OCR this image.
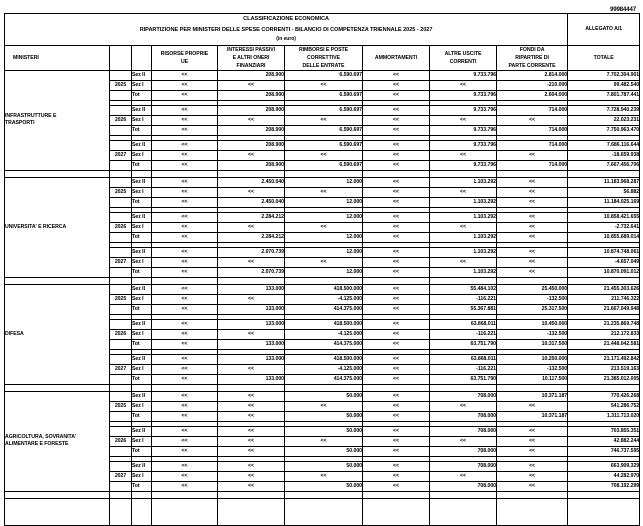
99984447
CLASSIFICAZIONE ECONOMICA
RIPARTIZIONE PER MINISTERI DELLE SPESE CORRENTI - BILANCIO DI COMPETENZA TRIENNALE 2025 - 2027
(in euro)									ALLEGATO A/1
MINISTERI			
RISORSE PROPRIE
UE

INTERESSI PASSIVI
E ALTRI ONERI
FINANZIARI

RIMBORSI E POSTE
CORRETTIVE
DELLE ENTRATE
	AMMORTAMENTI	
ALTRE USCITE
CORRENTI

FONDI DA
RIPARTIRE DI
PARTE CORRENTE
	TOTALE

INFRASTRUTTURE E
TRASPORTI		Sez II	<<	208.900	6.590.697	<<	9.733.796	2.814.000	7.702.304.901
	2025	Sez I	<<	<<	<<	<<	<<	-210.000	99.482.540
		Tot	<<	208.900	6.590.697	<<	9.733.796	2.604.000	7.801.787.441

		Sez II	<<	208.900	6.590.697	<<	9.733.796	714.000	7.728.940.239
	2026	Sez I	<<	<<	<<	<<	<<	<<	22.023.231
		Tot	<<	208.900	6.590.697	<<	9.733.796	714.000	7.750.963.470

		Sez II	<<	208.900	6.590.697	<<	9.733.796	714.000	7.686.116.644
	2027	Sez I	<<	<<	<<	<<	<<	<<	-18.659.938
		Tot	<<	208.900	6.590.697	<<	9.733.796	714.000	7.667.456.706

UNIVERSITA' E RICERCA		Sez II	<<	2.450.040	12.000	<<	1.103.292	<<	11.183.968.287
	2025	Sez I	<<	<<	<<	<<	<<	<<	56.882
		Tot	<<	2.450.040	12.000	<<	1.103.292	<<	11.184.025.169

		Sez II	<<	2.284.212	12.000	<<	1.103.292	<<	10.858.421.655
	2026	Sez I	<<	<<	<<	<<	<<	<<	-2.732.641
		Tot	<<	2.284.212	12.000	<<	1.103.292	<<	10.855.689.014

		Sez II	<<	2.070.739	12.000	<<	1.103.292	<<	10.874.748.061
	2027	Sez I	<<	<<	<<	<<	<<	<<	-4.657.049
		Tot	<<	2.070.739	12.000	<<	1.103.292	<<	10.870.091.012

DIFESA		Sez II	<<	133.000	418.500.000	<<	55.484.102	25.450.000	21.455.303.626
	2025	Sez I	<<	<<	-4.125.000	<<	-116.221	-132.500	211.746.322
		Tot	<<	133.000	414.375.000	<<	55.367.881	25.317.500	21.667.049.948

		Sez II	<<	133.000	418.500.000	<<	63.868.011	10.450.000	21.235.869.748
	2026	Sez I	<<	<<	-4.125.000	<<	-116.221	-132.500	212.172.833
		Tot	<<	133.000	414.375.000	<<	63.751.790	10.317.500	21.448.042.581

		Sez II	<<	133.000	418.500.000	<<	63.868.011	10.250.000	21.171.492.842
	2027	Sez I	<<	<<	-4.125.000	<<	-116.221	-132.500	213.519.163
		Tot	<<	133.000	414.375.000	<<	63.751.790	10.117.500	21.385.012.005

AGRICOLTURA, SOVRANITA'
ALIMENTARE E FORESTE		Sez II	<<	<<	50.000	<<	708.000	10.371.187	770.426.268
	2025	Sez I	<<	<<	<<	<<	<<	<<	541.286.752
		Tot	<<	<<	50.000	<<	708.000	10.371.187	1.311.713.020

		Sez II	<<	<<	50.000	<<	708.000	<<	703.855.351
	2026	Sez I	<<	<<	<<	<<	<<	<<	42.882.244
		Tot	<<	<<	50.000	<<	708.000	<<	746.737.595

		Sez II	<<	<<	50.000	<<	708.000	<<	663.909.329
	2027	Sez I	<<	<<	<<	<<	<<	<<	44.282.970
		Tot	<<	<<	50.000	<<	708.000	<<	708.192.299
